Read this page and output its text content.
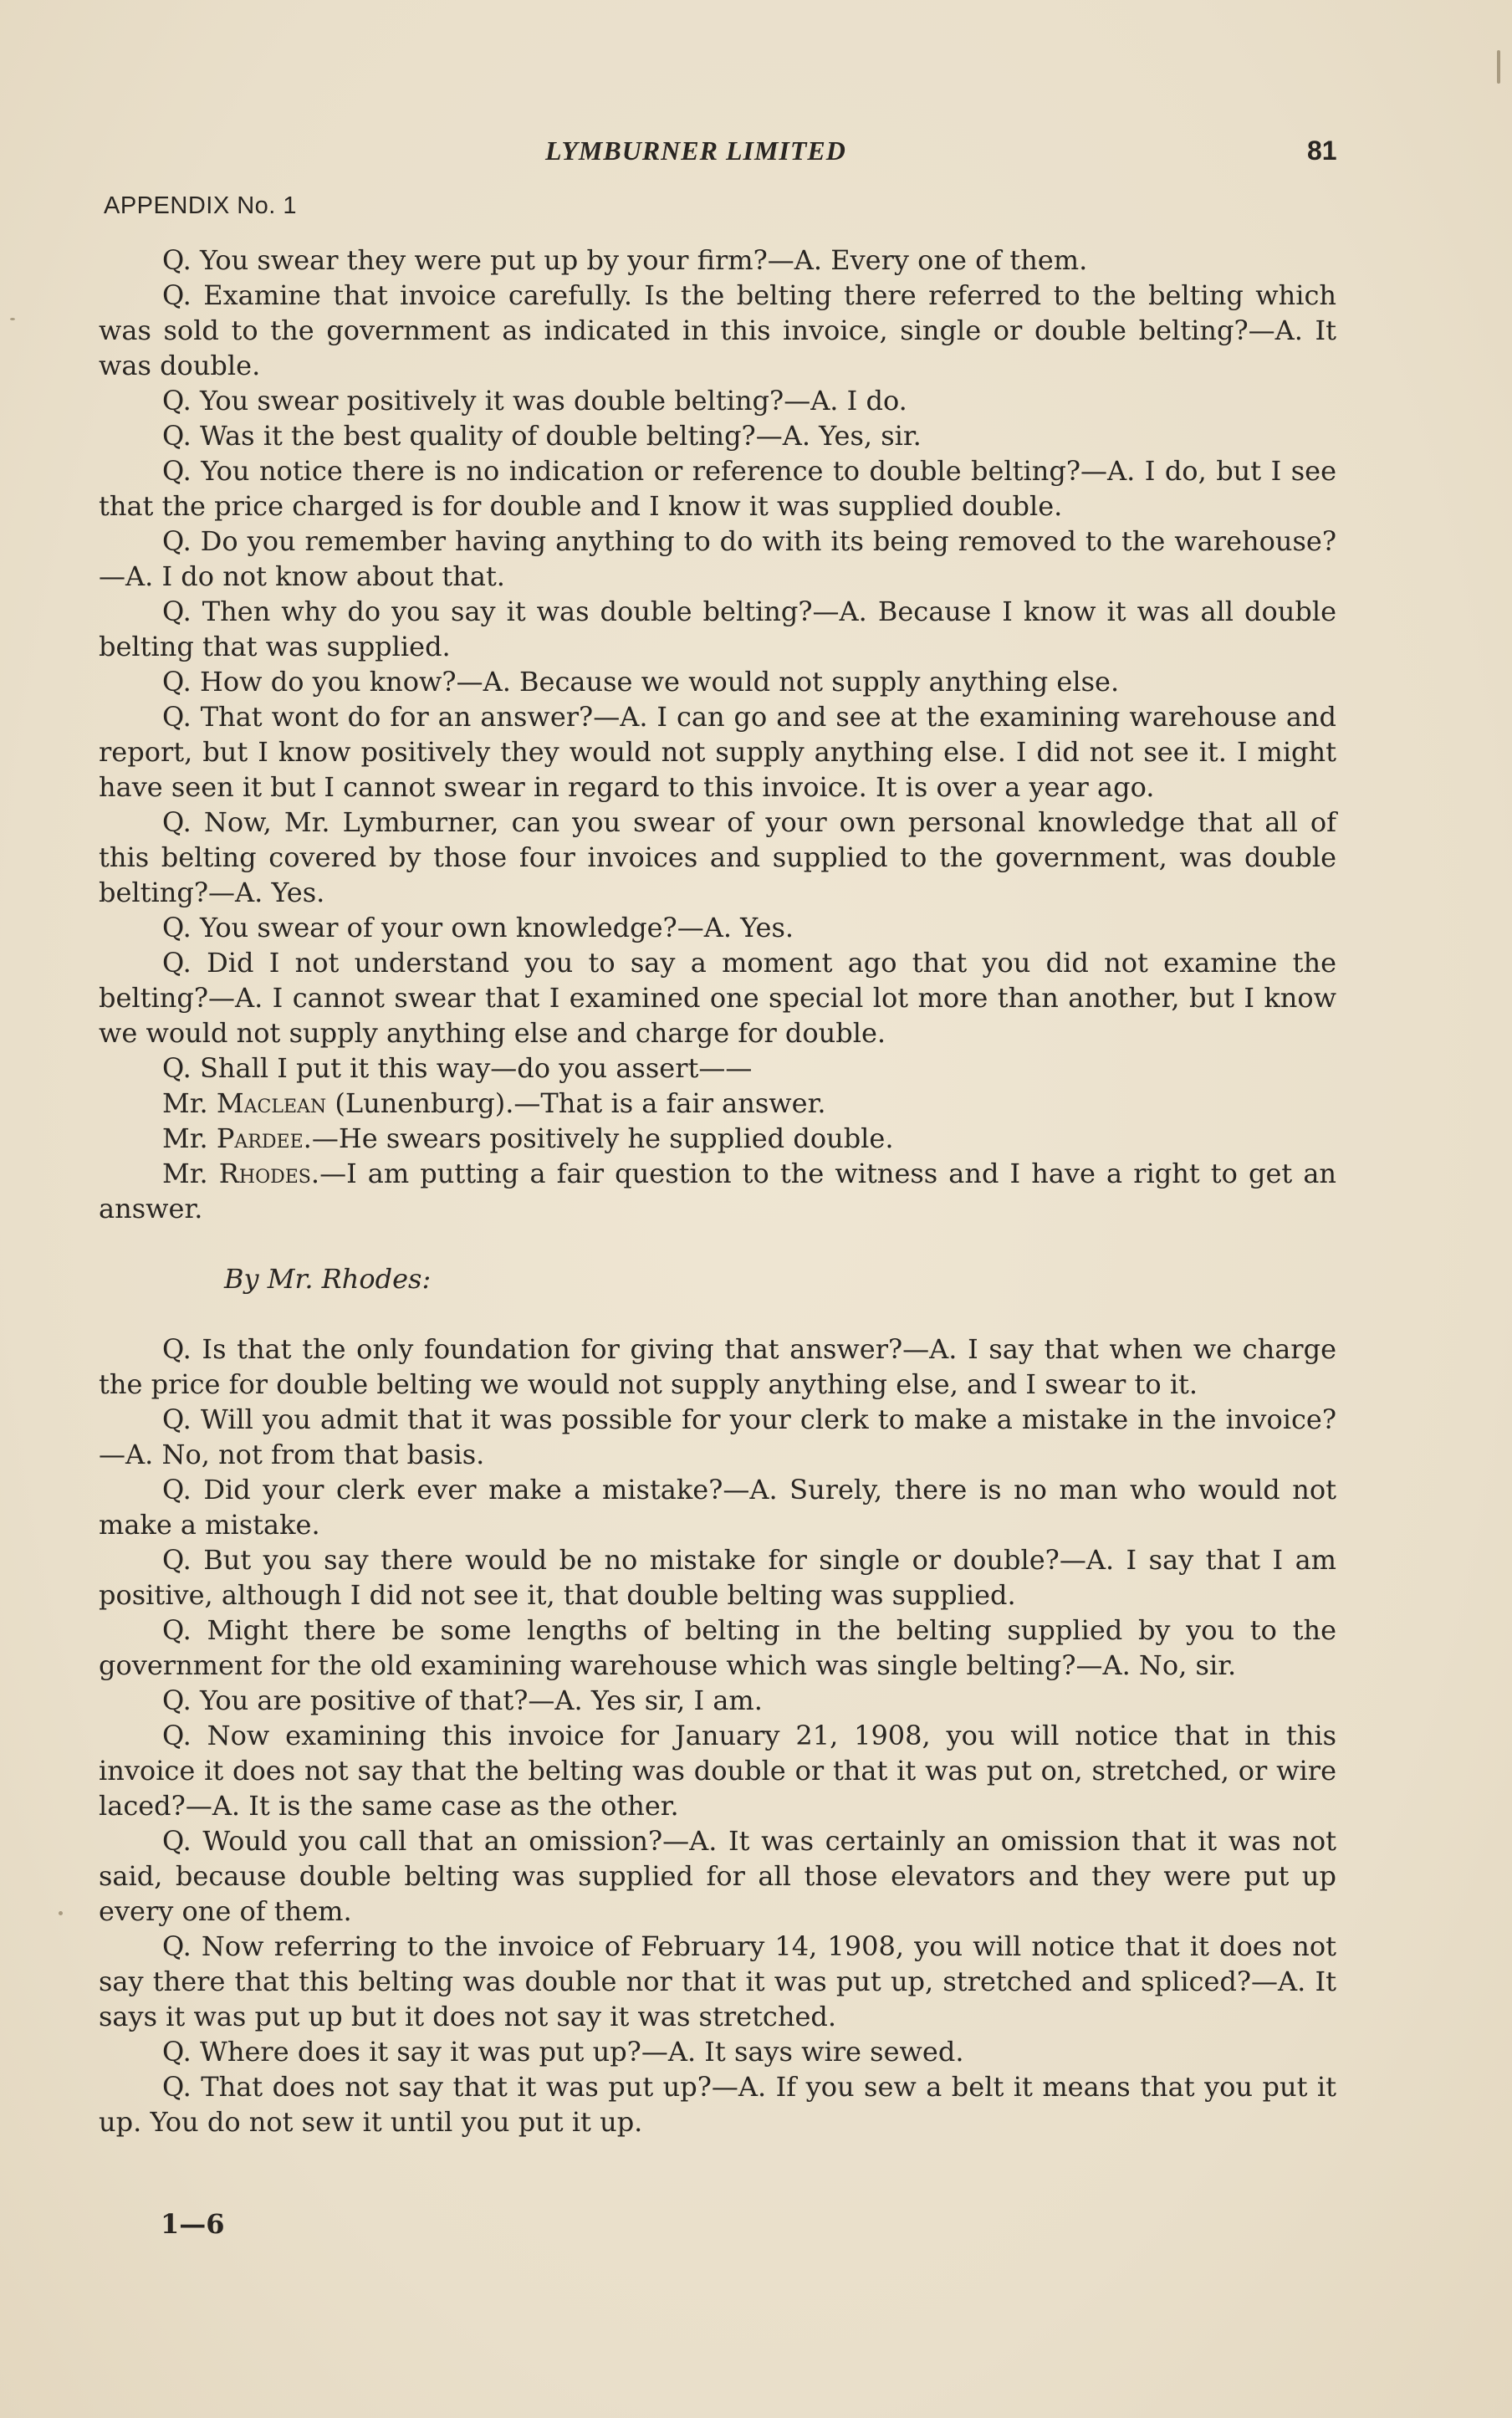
LYMBURNER LIMITED	81
APPENDIX No. 1

Q. You swear they were put up by your firm?—A. Every one of them.

Q. Examine that invoice carefully. Is the belting there referred to the belting which was sold to the government as indicated in this invoice, single or double belting?—A. It was double.

Q. You swear positively it was double belting?—A. I do.

Q. Was it the best quality of double belting?—A. Yes, sir.

Q. You notice there is no indication or reference to double belting?—A. I do, but I see that the price charged is for double and I know it was supplied double.

Q. Do you remember having anything to do with its being removed to the warehouse?—A. I do not know about that.

Q. Then why do you say it was double belting?—A. Because I know it was all double belting that was supplied.

Q. How do you know?—A. Because we would not supply anything else.

Q. That wont do for an answer?—A. I can go and see at the examining warehouse and report, but I know positively they would not supply anything else. I did not see it. I might have seen it but I cannot swear in regard to this invoice. It is over a year ago.

Q. Now, Mr. Lymburner, can you swear of your own personal knowledge that all of this belting covered by those four invoices and supplied to the government, was double belting?—A. Yes.

Q. You swear of your own knowledge?—A. Yes.

Q. Did I not understand you to say a moment ago that you did not examine the belting?—A. I cannot swear that I examined one special lot more than another, but I know we would not supply anything else and charge for double.

Q. Shall I put it this way—do you assert——

Mr. Maclean (Lunenburg).—That is a fair answer.

Mr. Pardee.—He swears positively he supplied double.

Mr. Rhodes.—I am putting a fair question to the witness and I have a right to get an answer.

By Mr. Rhodes:

Q. Is that the only foundation for giving that answer?—A. I say that when we charge the price for double belting we would not supply anything else, and I swear to it.

Q. Will you admit that it was possible for your clerk to make a mistake in the invoice?—A. No, not from that basis.

Q. Did your clerk ever make a mistake?—A. Surely, there is no man who would not make a mistake.

Q. But you say there would be no mistake for single or double?—A. I say that I am positive, although I did not see it, that double belting was supplied.

Q. Might there be some lengths of belting in the belting supplied by you to the government for the old examining warehouse which was single belting?—A. No, sir.

Q. You are positive of that?—A. Yes sir, I am.

Q. Now examining this invoice for January 21, 1908, you will notice that in this invoice it does not say that the belting was double or that it was put on, stretched, or wire laced?—A. It is the same case as the other.

Q. Would you call that an omission?—A. It was certainly an omission that it was not said, because double belting was supplied for all those elevators and they were put up every one of them.

Q. Now referring to the invoice of February 14, 1908, you will notice that it does not say there that this belting was double nor that it was put up, stretched and spliced?—A. It says it was put up but it does not say it was stretched.

Q. Where does it say it was put up?—A. It says wire sewed.

Q. That does not say that it was put up?—A. If you sew a belt it means that you put it up. You do not sew it until you put it up.

1—6
